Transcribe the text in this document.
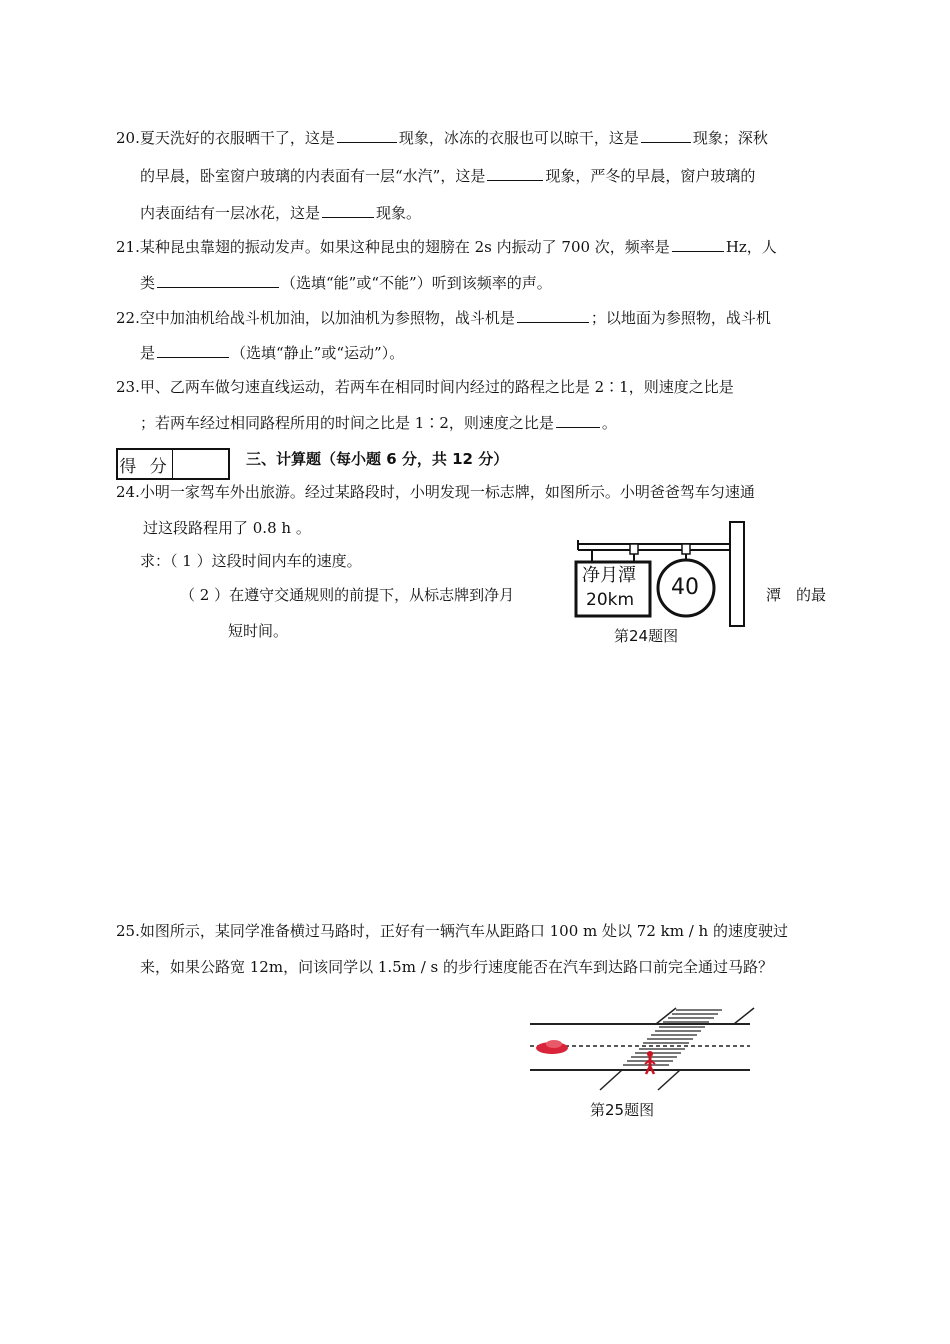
20.夏天洗好的衣服晒干了，这是	现象，冰冻的衣服也可以晾干，这是	现象；深秋
的早晨，卧室窗户玻璃的内表面有一层“水汽”，这是	现象，严冬的早晨，窗户玻璃的
内表面结有一层冰花，这是	现象。
21.某种昆虫靠翅的振动发声。如果这种昆虫的翅膀在 2s 内振动了 700 次，频率是	Hz，人
类	（选填“能”或“不能”）听到该频率的声。
22.空中加油机给战斗机加油，以加油机为参照物，战斗机是	；以地面为参照物，战斗机
是	（选填“静止”或“运动”）。
23.甲、乙两车做匀速直线运动，若两车在相同时间内经过的路程之比是 2∶1，则速度之比是
；若两车经过相同路程所用的时间之比是 1∶2，则速度之比是	。
得 分	三、计算题（每小题 6 分，共 12 分）
24.小明一家驾车外出旅游。经过某路段时，小明发现一标志牌，如图所示。小明爸爸驾车匀速通
过这段路程用了 0.8 h 。
求：（ 1 ）这段时间内车的速度。
（ 2 ）在遵守交通规则的前提下，从标志牌到净月	潭　的最
短时间。
净月潭
20km 40
第24题图
25.如图所示，某同学准备横过马路时，正好有一辆汽车从距路口 100 m 处以 72 km / h 的速度驶过
来，如果公路宽 12m，问该同学以 1.5m / s 的步行速度能否在汽车到达路口前完全通过马路？
第25题图
